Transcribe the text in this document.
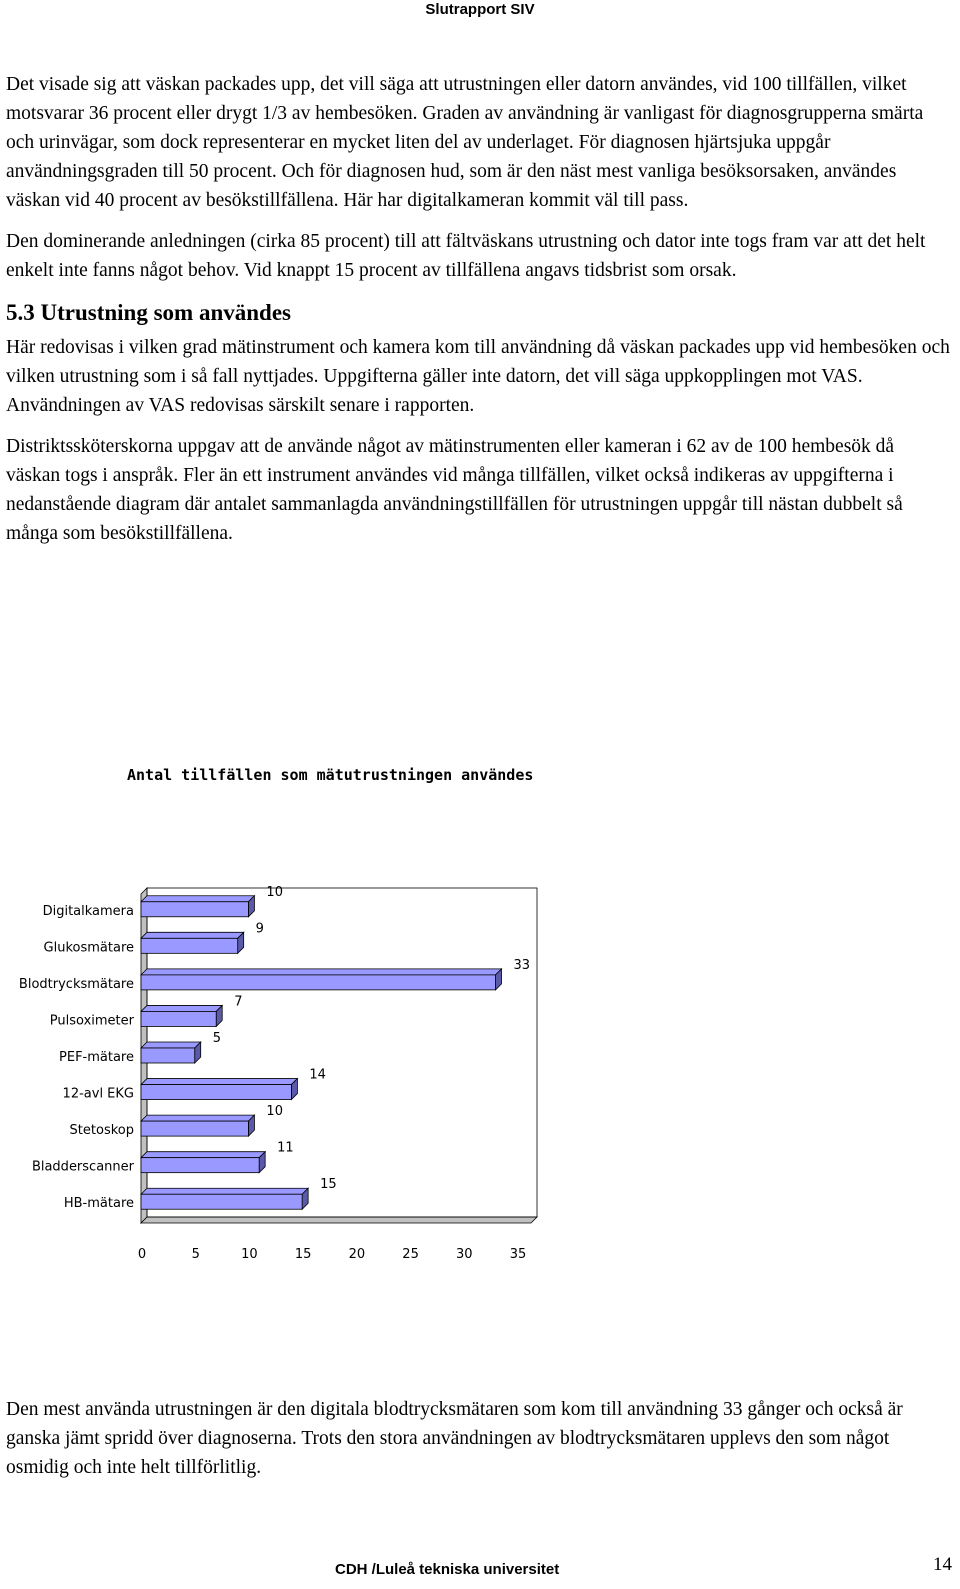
Slutrapport SIV

Det visade sig att väskan packades upp, det vill säga att utrustningen eller datorn användes, vid 100 tillfällen, vilket motsvarar 36 procent eller drygt 1/3 av hembesöken. Graden av användning är vanligast för diagnosgrupperna smärta och urinvägar, som dock representerar en mycket liten del av underlaget. För diagnosen hjärtsjuka uppgår användningsgraden till 50 procent. Och för diagnosen hud, som är den näst mest vanliga besöksorsaken, användes väskan vid 40 procent av besökstillfällena. Här har digitalkameran kommit väl till pass.

Den dominerande anledningen (cirka 85 procent) till att fältväskans utrustning och dator inte togs fram var att det helt enkelt inte fanns något behov. Vid knappt 15 procent av tillfällena angavs tidsbrist som orsak.

5.3 Utrustning som användes

Här redovisas i vilken grad mätinstrument och kamera kom till användning då väskan packades upp vid hembesöken och vilken utrustning som i så fall nyttjades. Uppgifterna gäller inte datorn, det vill säga uppkopplingen mot VAS. Användningen av VAS redovisas särskilt senare i rapporten.

Distriktssköterskorna uppgav att de använde något av mätinstrumenten eller kameran i 62 av de 100 hembesök då väskan togs i anspråk. Fler än ett instrument användes vid många tillfällen, vilket också indikeras av uppgifterna i nedanstående diagram där antalet sammanlagda användningstillfällen för utrustningen uppgår till nästan dubbelt så många som besökstillfällena.

Antal tillfällen som mätutrustningen användes
Digitalkamera
Glukosmätare
Blodtrycksmätare
Pulsoximeter
PEF-mätare
12-avl EKG
Stetoskop
Bladderscanner
HB-mätare
10
9
33
7
5
14
10
11
15
0	5	10	15	20	25	30	35

Den mest använda utrustningen är den digitala blodtrycksmätaren som kom till användning 33 gånger och också är ganska jämt spridd över diagnoserna. Trots den stora användningen av blodtrycksmätaren upplevs den som något osmidig och inte helt tillförlitlig.

CDH /Luleå tekniska universitet	14
